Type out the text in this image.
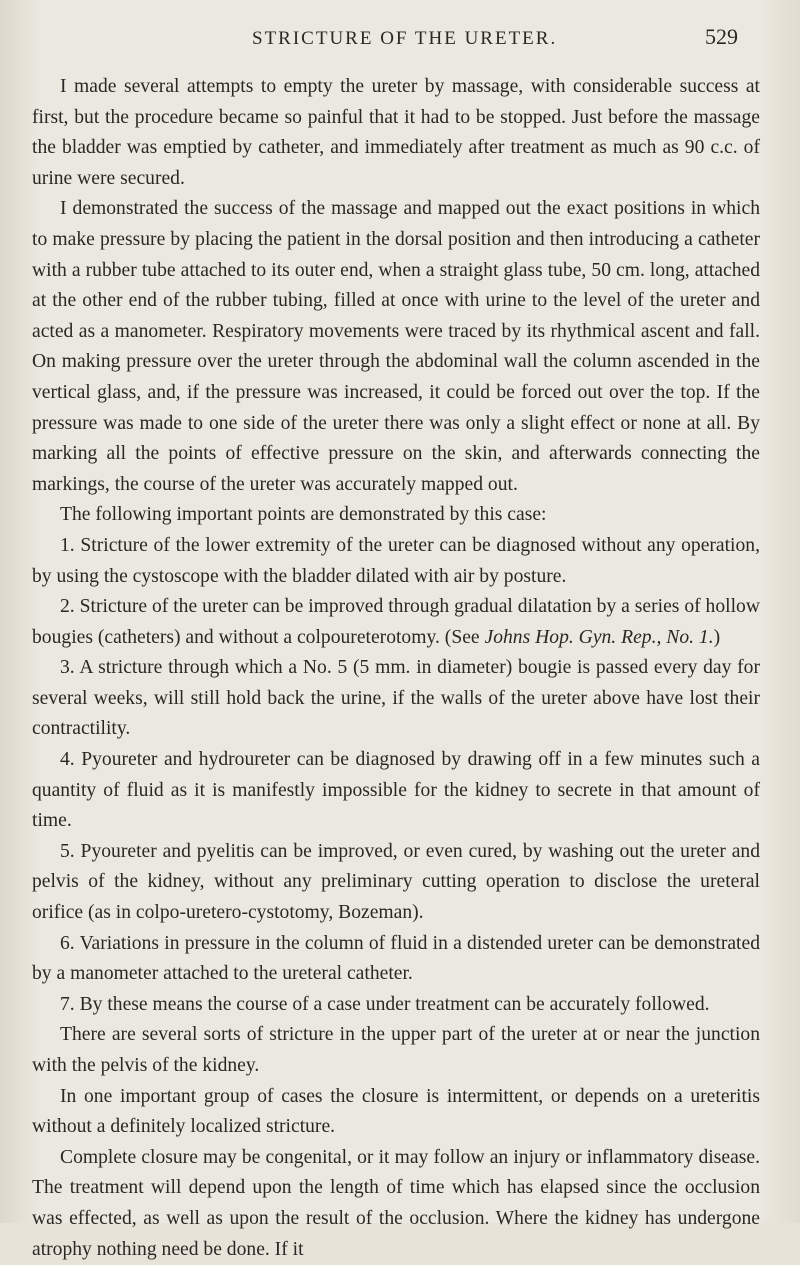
STRICTURE OF THE URETER.	529

I made several attempts to empty the ureter by massage, with considerable success at first, but the procedure became so painful that it had to be stopped. Just before the massage the bladder was emptied by catheter, and immediately after treatment as much as 90 c.c. of urine were secured.

I demonstrated the success of the massage and mapped out the exact positions in which to make pressure by placing the patient in the dorsal position and then introducing a catheter with a rubber tube attached to its outer end, when a straight glass tube, 50 cm. long, attached at the other end of the rubber tubing, filled at once with urine to the level of the ureter and acted as a manometer. Respiratory movements were traced by its rhythmical ascent and fall. On making pressure over the ureter through the abdominal wall the column ascended in the vertical glass, and, if the pressure was increased, it could be forced out over the top. If the pressure was made to one side of the ureter there was only a slight effect or none at all. By marking all the points of effective pressure on the skin, and afterwards connecting the markings, the course of the ureter was accurately mapped out.

The following important points are demonstrated by this case:

1. Stricture of the lower extremity of the ureter can be diagnosed without any operation, by using the cystoscope with the bladder dilated with air by posture.

2. Stricture of the ureter can be improved through gradual dilatation by a series of hollow bougies (catheters) and without a colpoureterotomy. (See Johns Hop. Gyn. Rep., No. 1.)

3. A stricture through which a No. 5 (5 mm. in diameter) bougie is passed every day for several weeks, will still hold back the urine, if the walls of the ureter above have lost their contractility.

4. Pyoureter and hydroureter can be diagnosed by drawing off in a few minutes such a quantity of fluid as it is manifestly impossible for the kidney to secrete in that amount of time.

5. Pyoureter and pyelitis can be improved, or even cured, by washing out the ureter and pelvis of the kidney, without any preliminary cutting operation to disclose the ureteral orifice (as in colpo-uretero-cystotomy, Bozeman).

6. Variations in pressure in the column of fluid in a distended ureter can be demonstrated by a manometer attached to the ureteral catheter.

7. By these means the course of a case under treatment can be accurately followed.

There are several sorts of stricture in the upper part of the ureter at or near the junction with the pelvis of the kidney.

In one important group of cases the closure is intermittent, or depends on a ureteritis without a definitely localized stricture.

Complete closure may be congenital, or it may follow an injury or inflammatory disease. The treatment will depend upon the length of time which has elapsed since the occlusion was effected, as well as upon the result of the occlusion. Where the kidney has undergone atrophy nothing need be done. If it
